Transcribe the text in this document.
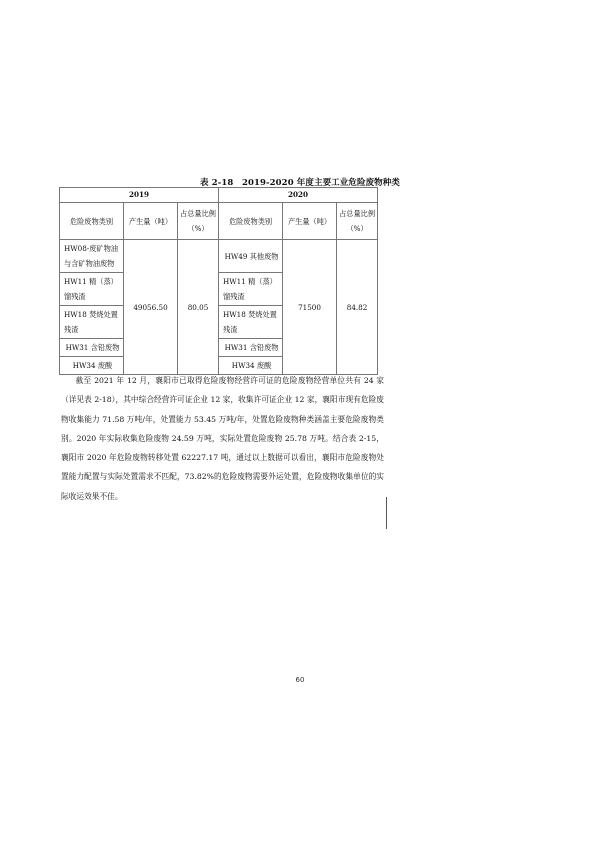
表 2-18　2019-2020 年度主要工业危险废物种类
2019			2020		
危险废物类别	产生量（吨）	占总量比例（%）	危险废物类别	产生量（吨）	占总量比例（%）
HW08-废矿物油与含矿物油废物	49056.50	80.05	HW49 其他废物	71500	84.82
HW11 精（蒸）馏残渣			HW11 精（蒸）馏残渣		
HW18 焚烧处置残渣			HW18 焚烧处置残渣		
HW31 含铅废物			HW31 含铅废物		
HW34 废酸			HW34 废酸		

截至 2021 年 12 月，襄阳市已取得危险废物经营许可证的危险废物经营单位共有 24 家（详见表 2-18），其中综合经营许可证企业 12 家，收集许可证企业 12 家，襄阳市现有危险废物收集能力 71.58 万吨/年，处置能力 53.45 万吨/年，处置危险废物种类涵盖主要危险废物类别。2020 年实际收集危险废物 24.59 万吨，实际处置危险废物 25.78 万吨。结合表 2-15，襄阳市 2020 年危险废物转移处置 62227.17 吨，通过以上数据可以看出，襄阳市危险废物处置能力配置与实际处置需求不匹配，73.82%的危险废物需要外运处置，危险废物收集单位的实际收运效果不佳。

60
